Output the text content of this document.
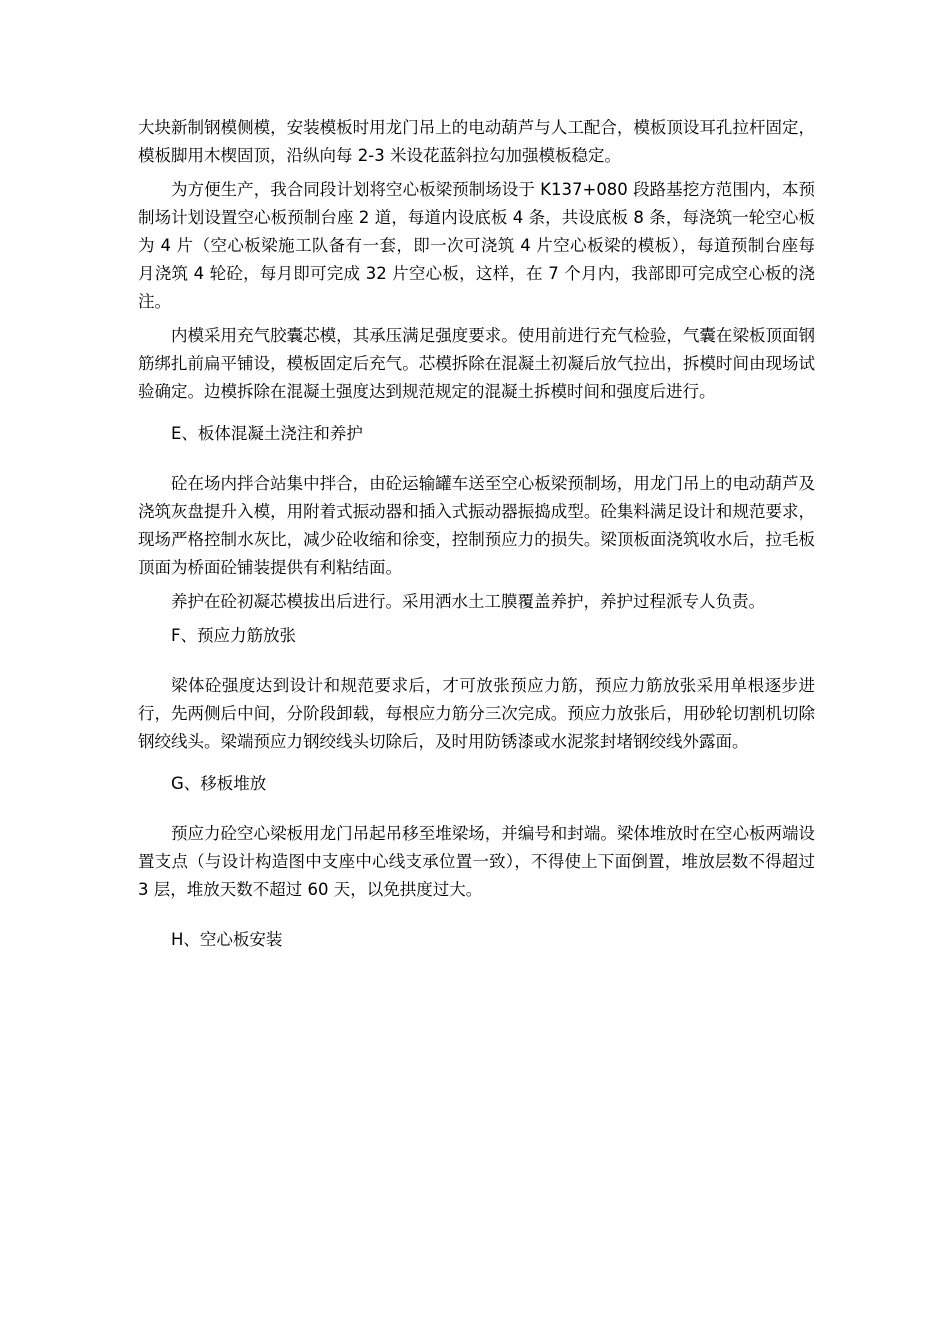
大块新制钢模侧模，安装模板时用龙门吊上的电动葫芦与人工配合，模板顶设耳孔拉杆固定，模板脚用木楔固顶，沿纵向每 2-3 米设花蓝斜拉勾加强模板稳定。

为方便生产，我合同段计划将空心板梁预制场设于 K137+080 段路基挖方范围内，本预制场计划设置空心板预制台座 2 道，每道内设底板 4 条，共设底板 8 条，每浇筑一轮空心板为 4 片（空心板梁施工队备有一套，即一次可浇筑 4 片空心板梁的模板），每道预制台座每月浇筑 4 轮砼，每月即可完成 32 片空心板，这样，在 7 个月内，我部即可完成空心板的浇注。

内模采用充气胶囊芯模，其承压满足强度要求。使用前进行充气检验，气囊在梁板顶面钢筋绑扎前扁平铺设，模板固定后充气。芯模拆除在混凝土初凝后放气拉出，拆模时间由现场试验确定。边模拆除在混凝土强度达到规范规定的混凝土拆模时间和强度后进行。

E、板体混凝土浇注和养护

砼在场内拌合站集中拌合，由砼运输罐车送至空心板梁预制场，用龙门吊上的电动葫芦及浇筑灰盘提升入模，用附着式振动器和插入式振动器振捣成型。砼集料满足设计和规范要求，现场严格控制水灰比，减少砼收缩和徐变，控制预应力的损失。梁顶板面浇筑收水后，拉毛板顶面为桥面砼铺装提供有利粘结面。

养护在砼初凝芯模拔出后进行。采用洒水土工膜覆盖养护，养护过程派专人负责。

F、预应力筋放张

梁体砼强度达到设计和规范要求后，才可放张预应力筋，预应力筋放张采用单根逐步进行，先两侧后中间，分阶段卸载，每根应力筋分三次完成。预应力放张后，用砂轮切割机切除钢绞线头。梁端预应力钢绞线头切除后，及时用防锈漆或水泥浆封堵钢绞线外露面。

G、移板堆放

预应力砼空心梁板用龙门吊起吊移至堆梁场，并编号和封端。梁体堆放时在空心板两端设置支点（与设计构造图中支座中心线支承位置一致），不得使上下面倒置，堆放层数不得超过 3 层，堆放天数不超过 60 天，以免拱度过大。

H、空心板安装
